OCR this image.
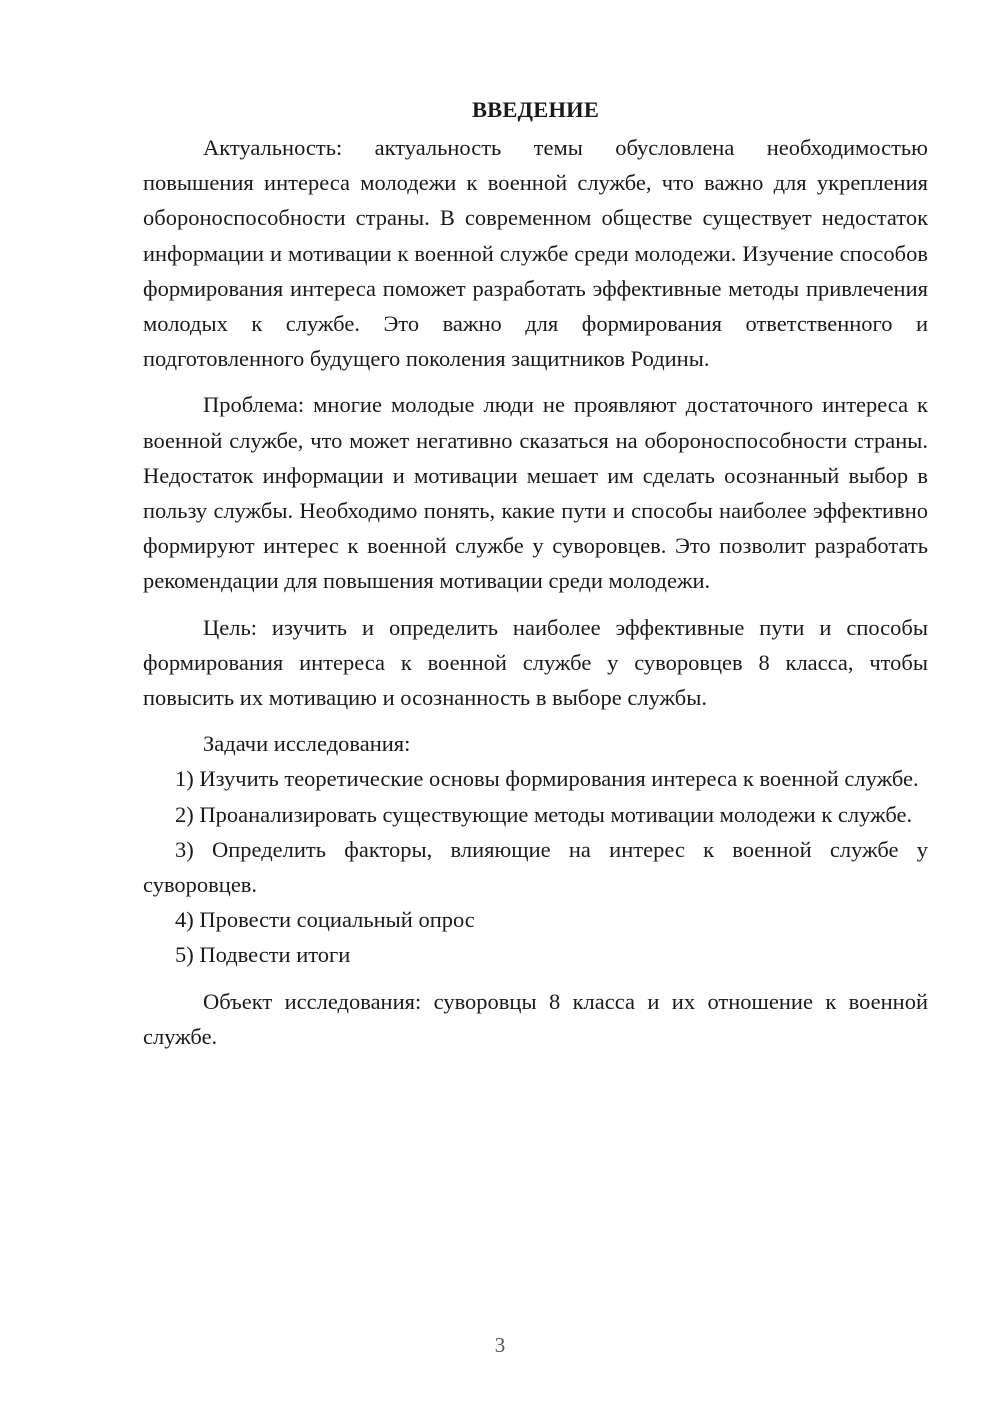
ВВЕДЕНИЕ

Актуальность: актуальность темы обусловлена необходимостью повышения интереса молодежи к военной службе, что важно для укрепления обороноспособности страны. В современном обществе существует недостаток информации и мотивации к военной службе среди молодежи. Изучение способов формирования интереса поможет разработать эффективные методы привлечения молодых к службе. Это важно для формирования ответственного и подготовленного будущего поколения защитников Родины.

Проблема: многие молодые люди не проявляют достаточного интереса к военной службе, что может негативно сказаться на обороноспособности страны. Недостаток информации и мотивации мешает им сделать осознанный выбор в пользу службы. Необходимо понять, какие пути и способы наиболее эффективно формируют интерес к военной службе у суворовцев. Это позволит разработать рекомендации для повышения мотивации среди молодежи.

Цель: изучить и определить наиболее эффективные пути и способы формирования интереса к военной службе у суворовцев 8 класса, чтобы повысить их мотивацию и осознанность в выборе службы.

Задачи исследования:

1) Изучить теоретические основы формирования интереса к военной службе.

2) Проанализировать существующие методы мотивации молодежи к службе.

3) Определить факторы, влияющие на интерес к военной службе у суворовцев.

4) Провести социальный опрос

5) Подвести итоги

Объект исследования: суворовцы 8 класса и их отношение к военной службе.

3
